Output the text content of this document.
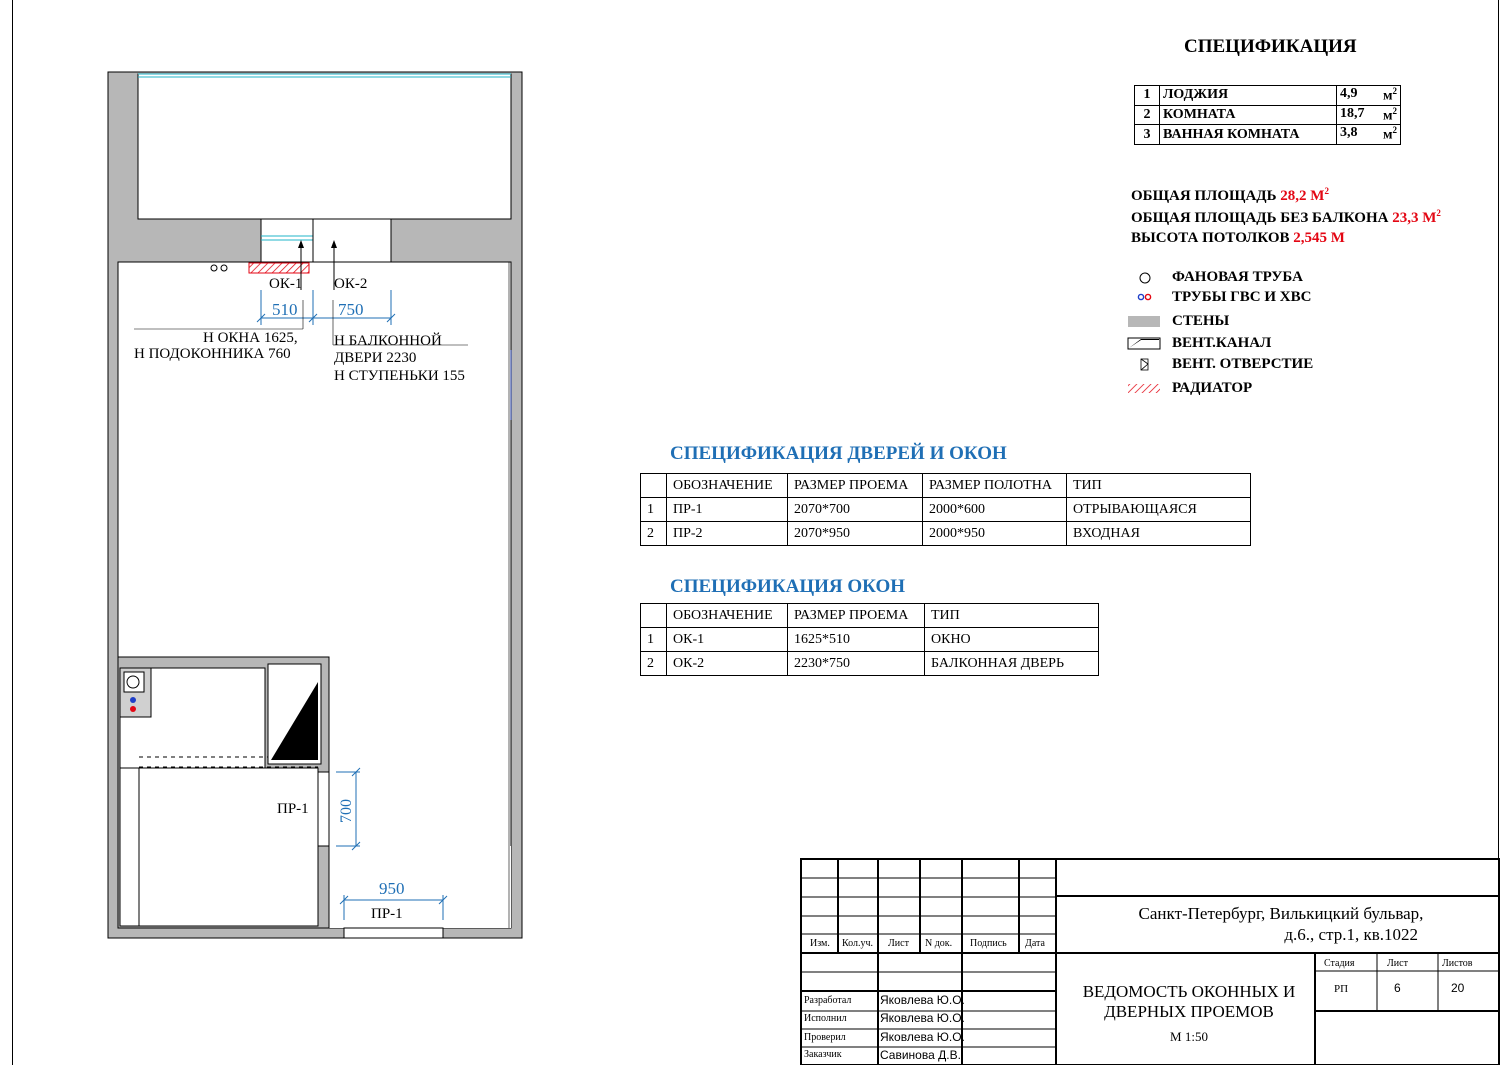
ОК-1 ОК-2
510 750
Н ОКНА 1625,
Н ПОДОКОННИКА 760
Н БАЛКОННОЙ
ДВЕРИ 2230
Н СТУПЕНЬКИ 155
ПР-1 700
950
ПР-1
СПЕЦИФИКАЦИЯ
1	ЛОДЖИЯ	4,9 $м^2$

2	КОМНАТА	18,7 $м^2$

3	ВАННАЯ КОМНАТА	3,8 $м^2$
ОБЩАЯ ПЛОЩАДЬ 28,2 $М^2$
ОБЩАЯ ПЛОЩАДЬ БЕЗ БАЛКОНА 23,3 $М^2$
ВЫСОТА ПОТОЛКОВ 2,545 М
ФАНОВАЯ ТРУБА
ТРУБЫ ГВС И ХВС
СТЕНЫ
ВЕНТ.КАНАЛ
ВЕНТ. ОТВЕРСТИЕ
РАДИАТОР
СПЕЦИФИКАЦИЯ ДВЕРЕЙ И ОКОН
	ОБОЗНАЧЕНИЕ	РАЗМЕР ПРОЕМА	РАЗМЕР ПОЛОТНА	ТИП
1	ПР-1	2070*700	2000*600	ОТРЫВАЮЩАЯСЯ
2	ПР-2	2070*950	2000*950	ВХОДНАЯ
СПЕЦИФИКАЦИЯ ОКОН
	ОБОЗНАЧЕНИЕ	РАЗМЕР ПРОЕМА	ТИП
1	ОК-1	1625*510	ОКНО
2	ОК-2	2230*750	БАЛКОННАЯ ДВЕРЬ
Изм. Кол.уч. Лист N док. Подпись Дата
Санкт-Петербург, Вилькицкий бульвар,
д.6., стр.1, кв.1022
Стадия	Лист	Листов
РП	6	20
ВЕДОМОСТЬ ОКОННЫХ И
ДВЕРНЫХ ПРОЕМОВ
М 1:50
Разработал Яковлева Ю.О.
Исполнил	Яковлева Ю.О.
Проверил	Яковлева Ю.О.
Заказчик	Савинова Д.В.
